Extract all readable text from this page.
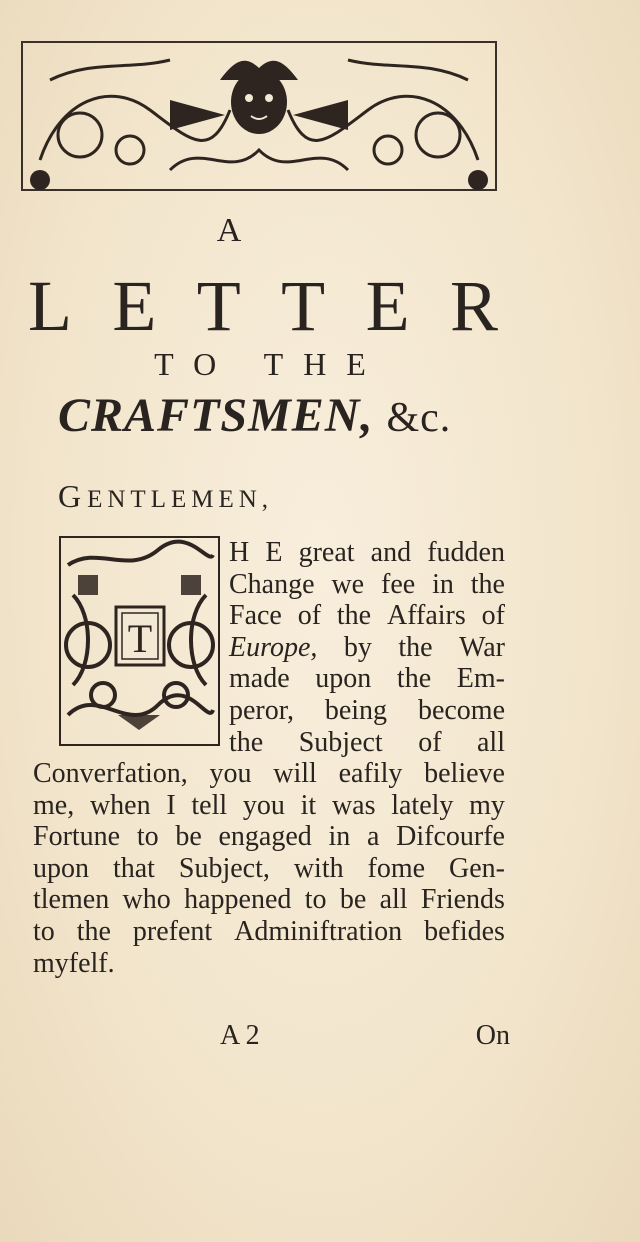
A
L E T T E R
TO THE
CRAFTSMEN, &c.
GENTLEMEN,
T
H E great and fudden
Change we fee in the
Face of the Affairs of
Europe, by the War
made upon the Em-
peror, being become
the Subject of all
Converfation, you will eafily believe
me, when I tell you it was lately my
Fortune to be engaged in a Difcourfe
upon that Subject, with fome Gen-
tlemen who happened to be all Friends
to the prefent Adminiftration befides
myfelf.
A 2	On
